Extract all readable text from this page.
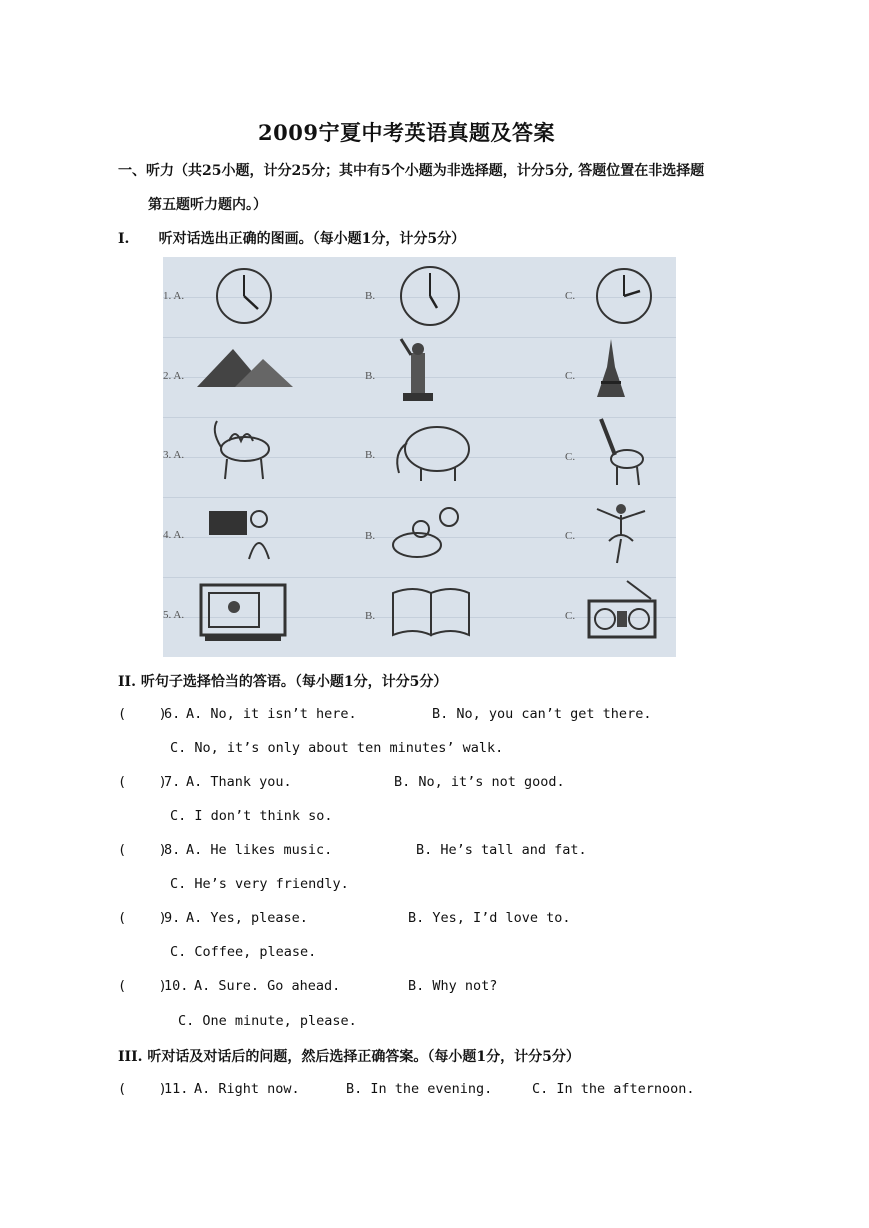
2009宁夏中考英语真题及答案
一、听力（共25小题，计分25分；其中有5个小题为非选择题，计分5分, 答题位置在非选择题
第五题听力题内。）
I.      听对话选出正确的图画。（每小题1分，计分5分）
1. A.	B.	C.
2. A.	B.	C.
3. A.	B.	C.
4. A.	B.	C.
5. A.	B.	C.
II. 听句子选择恰当的答语。（每小题1分，计分5分）
(    )
6. A. No, it isn’t here.	B. No, you can’t get there.
C. No, it’s only about ten minutes’ walk.
(    )
7. A. Thank you.	B. No, it’s not good.
C. I don’t think so.
(    )
8. A. He likes music.	B. He’s tall and fat.
C. He’s very friendly.
(    )
9. A. Yes, please.	B. Yes, I’d love to.
C. Coffee, please.
(    )
10. A. Sure. Go ahead.	B. Why not?
C. One minute, please.
III. 听对话及对话后的问题，然后选择正确答案。（每小题1分，计分5分）
(    )
11. A. Right now.	B. In the evening.	C. In the afternoon.
